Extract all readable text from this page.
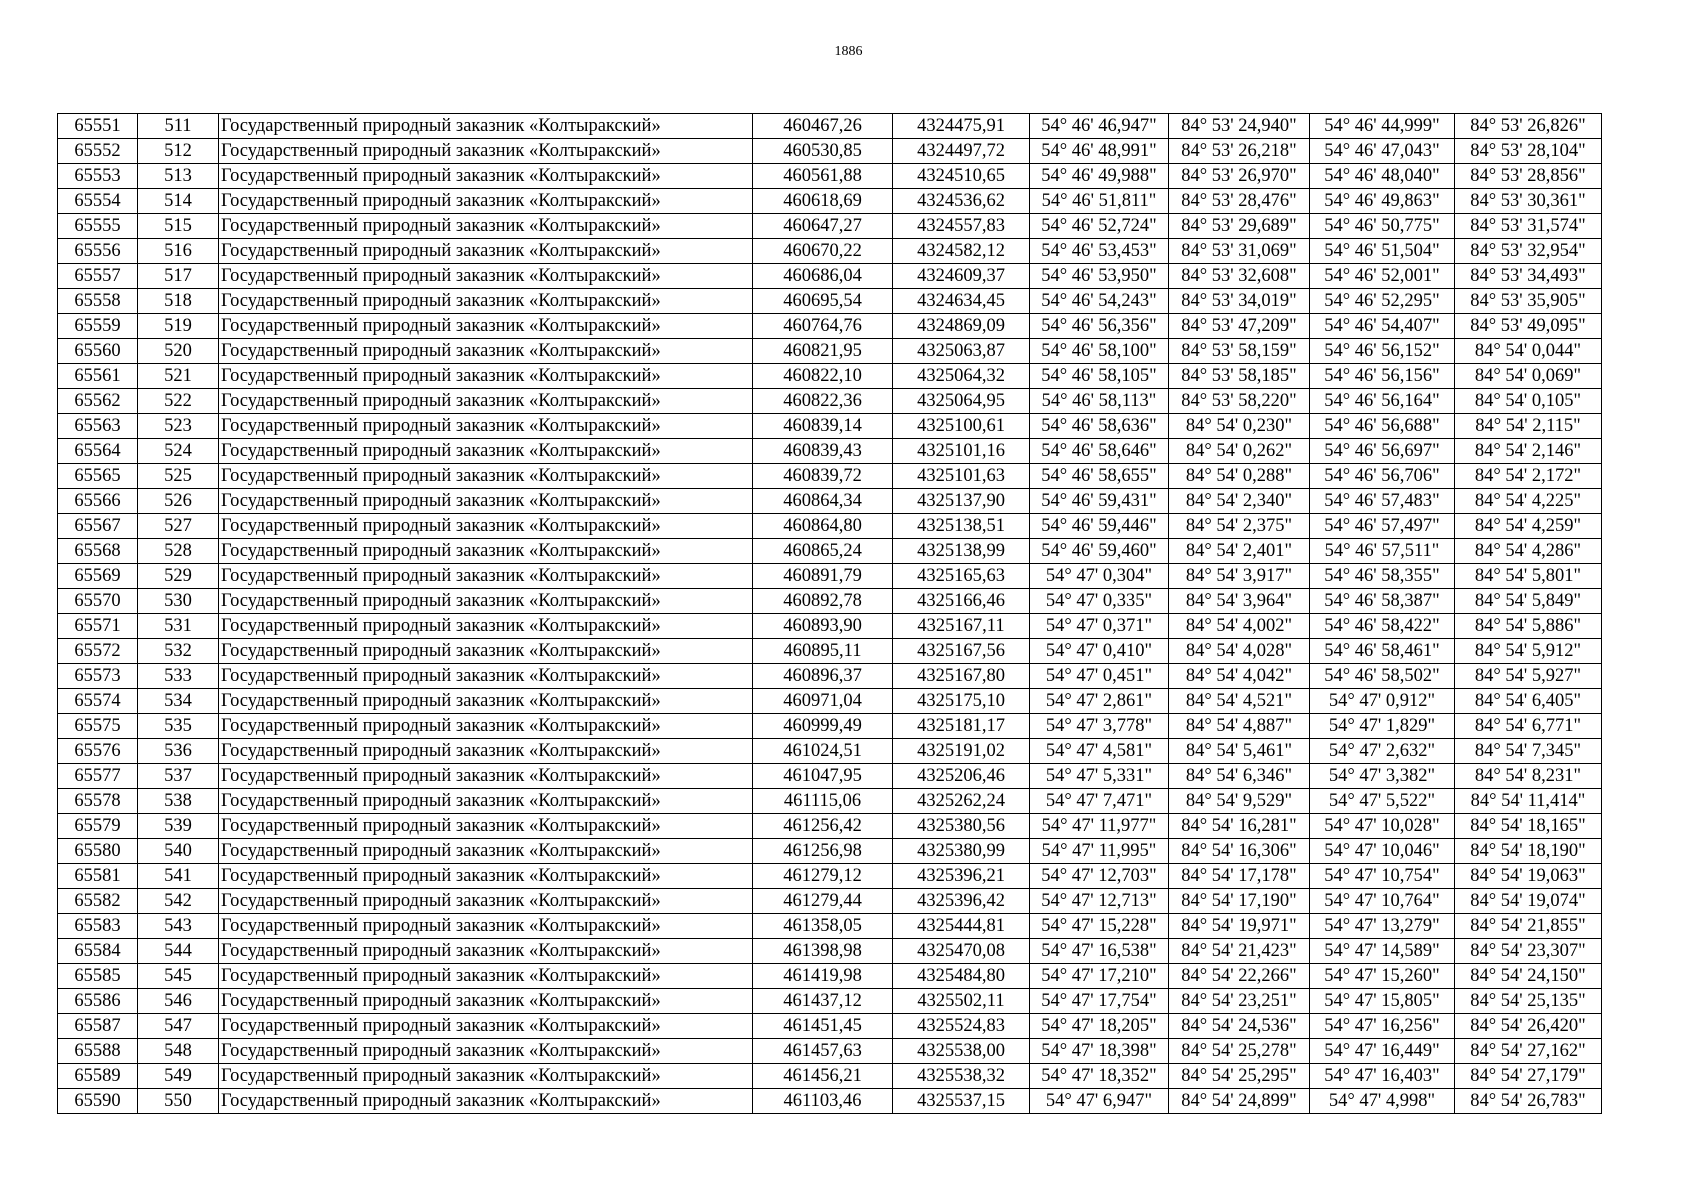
1886
65551	511	Государственный природный заказник «Колтыракский»	460467,26	4324475,91	54° 46' 46,947"	84° 53' 24,940"	54° 46' 44,999"	84° 53' 26,826"
65552	512	Государственный природный заказник «Колтыракский»	460530,85	4324497,72	54° 46' 48,991"	84° 53' 26,218"	54° 46' 47,043"	84° 53' 28,104"
65553	513	Государственный природный заказник «Колтыракский»	460561,88	4324510,65	54° 46' 49,988"	84° 53' 26,970"	54° 46' 48,040"	84° 53' 28,856"
65554	514	Государственный природный заказник «Колтыракский»	460618,69	4324536,62	54° 46' 51,811"	84° 53' 28,476"	54° 46' 49,863"	84° 53' 30,361"
65555	515	Государственный природный заказник «Колтыракский»	460647,27	4324557,83	54° 46' 52,724"	84° 53' 29,689"	54° 46' 50,775"	84° 53' 31,574"
65556	516	Государственный природный заказник «Колтыракский»	460670,22	4324582,12	54° 46' 53,453"	84° 53' 31,069"	54° 46' 51,504"	84° 53' 32,954"
65557	517	Государственный природный заказник «Колтыракский»	460686,04	4324609,37	54° 46' 53,950"	84° 53' 32,608"	54° 46' 52,001"	84° 53' 34,493"
65558	518	Государственный природный заказник «Колтыракский»	460695,54	4324634,45	54° 46' 54,243"	84° 53' 34,019"	54° 46' 52,295"	84° 53' 35,905"
65559	519	Государственный природный заказник «Колтыракский»	460764,76	4324869,09	54° 46' 56,356"	84° 53' 47,209"	54° 46' 54,407"	84° 53' 49,095"
65560	520	Государственный природный заказник «Колтыракский»	460821,95	4325063,87	54° 46' 58,100"	84° 53' 58,159"	54° 46' 56,152"	84° 54' 0,044"
65561	521	Государственный природный заказник «Колтыракский»	460822,10	4325064,32	54° 46' 58,105"	84° 53' 58,185"	54° 46' 56,156"	84° 54' 0,069"
65562	522	Государственный природный заказник «Колтыракский»	460822,36	4325064,95	54° 46' 58,113"	84° 53' 58,220"	54° 46' 56,164"	84° 54' 0,105"
65563	523	Государственный природный заказник «Колтыракский»	460839,14	4325100,61	54° 46' 58,636"	84° 54' 0,230"	54° 46' 56,688"	84° 54' 2,115"
65564	524	Государственный природный заказник «Колтыракский»	460839,43	4325101,16	54° 46' 58,646"	84° 54' 0,262"	54° 46' 56,697"	84° 54' 2,146"
65565	525	Государственный природный заказник «Колтыракский»	460839,72	4325101,63	54° 46' 58,655"	84° 54' 0,288"	54° 46' 56,706"	84° 54' 2,172"
65566	526	Государственный природный заказник «Колтыракский»	460864,34	4325137,90	54° 46' 59,431"	84° 54' 2,340"	54° 46' 57,483"	84° 54' 4,225"
65567	527	Государственный природный заказник «Колтыракский»	460864,80	4325138,51	54° 46' 59,446"	84° 54' 2,375"	54° 46' 57,497"	84° 54' 4,259"
65568	528	Государственный природный заказник «Колтыракский»	460865,24	4325138,99	54° 46' 59,460"	84° 54' 2,401"	54° 46' 57,511"	84° 54' 4,286"
65569	529	Государственный природный заказник «Колтыракский»	460891,79	4325165,63	54° 47' 0,304"	84° 54' 3,917"	54° 46' 58,355"	84° 54' 5,801"
65570	530	Государственный природный заказник «Колтыракский»	460892,78	4325166,46	54° 47' 0,335"	84° 54' 3,964"	54° 46' 58,387"	84° 54' 5,849"
65571	531	Государственный природный заказник «Колтыракский»	460893,90	4325167,11	54° 47' 0,371"	84° 54' 4,002"	54° 46' 58,422"	84° 54' 5,886"
65572	532	Государственный природный заказник «Колтыракский»	460895,11	4325167,56	54° 47' 0,410"	84° 54' 4,028"	54° 46' 58,461"	84° 54' 5,912"
65573	533	Государственный природный заказник «Колтыракский»	460896,37	4325167,80	54° 47' 0,451"	84° 54' 4,042"	54° 46' 58,502"	84° 54' 5,927"
65574	534	Государственный природный заказник «Колтыракский»	460971,04	4325175,10	54° 47' 2,861"	84° 54' 4,521"	54° 47' 0,912"	84° 54' 6,405"
65575	535	Государственный природный заказник «Колтыракский»	460999,49	4325181,17	54° 47' 3,778"	84° 54' 4,887"	54° 47' 1,829"	84° 54' 6,771"
65576	536	Государственный природный заказник «Колтыракский»	461024,51	4325191,02	54° 47' 4,581"	84° 54' 5,461"	54° 47' 2,632"	84° 54' 7,345"
65577	537	Государственный природный заказник «Колтыракский»	461047,95	4325206,46	54° 47' 5,331"	84° 54' 6,346"	54° 47' 3,382"	84° 54' 8,231"
65578	538	Государственный природный заказник «Колтыракский»	461115,06	4325262,24	54° 47' 7,471"	84° 54' 9,529"	54° 47' 5,522"	84° 54' 11,414"
65579	539	Государственный природный заказник «Колтыракский»	461256,42	4325380,56	54° 47' 11,977"	84° 54' 16,281"	54° 47' 10,028"	84° 54' 18,165"
65580	540	Государственный природный заказник «Колтыракский»	461256,98	4325380,99	54° 47' 11,995"	84° 54' 16,306"	54° 47' 10,046"	84° 54' 18,190"
65581	541	Государственный природный заказник «Колтыракский»	461279,12	4325396,21	54° 47' 12,703"	84° 54' 17,178"	54° 47' 10,754"	84° 54' 19,063"
65582	542	Государственный природный заказник «Колтыракский»	461279,44	4325396,42	54° 47' 12,713"	84° 54' 17,190"	54° 47' 10,764"	84° 54' 19,074"
65583	543	Государственный природный заказник «Колтыракский»	461358,05	4325444,81	54° 47' 15,228"	84° 54' 19,971"	54° 47' 13,279"	84° 54' 21,855"
65584	544	Государственный природный заказник «Колтыракский»	461398,98	4325470,08	54° 47' 16,538"	84° 54' 21,423"	54° 47' 14,589"	84° 54' 23,307"
65585	545	Государственный природный заказник «Колтыракский»	461419,98	4325484,80	54° 47' 17,210"	84° 54' 22,266"	54° 47' 15,260"	84° 54' 24,150"
65586	546	Государственный природный заказник «Колтыракский»	461437,12	4325502,11	54° 47' 17,754"	84° 54' 23,251"	54° 47' 15,805"	84° 54' 25,135"
65587	547	Государственный природный заказник «Колтыракский»	461451,45	4325524,83	54° 47' 18,205"	84° 54' 24,536"	54° 47' 16,256"	84° 54' 26,420"
65588	548	Государственный природный заказник «Колтыракский»	461457,63	4325538,00	54° 47' 18,398"	84° 54' 25,278"	54° 47' 16,449"	84° 54' 27,162"
65589	549	Государственный природный заказник «Колтыракский»	461456,21	4325538,32	54° 47' 18,352"	84° 54' 25,295"	54° 47' 16,403"	84° 54' 27,179"
65590	550	Государственный природный заказник «Колтыракский»	461103,46	4325537,15	54° 47' 6,947"	84° 54' 24,899"	54° 47' 4,998"	84° 54' 26,783"
